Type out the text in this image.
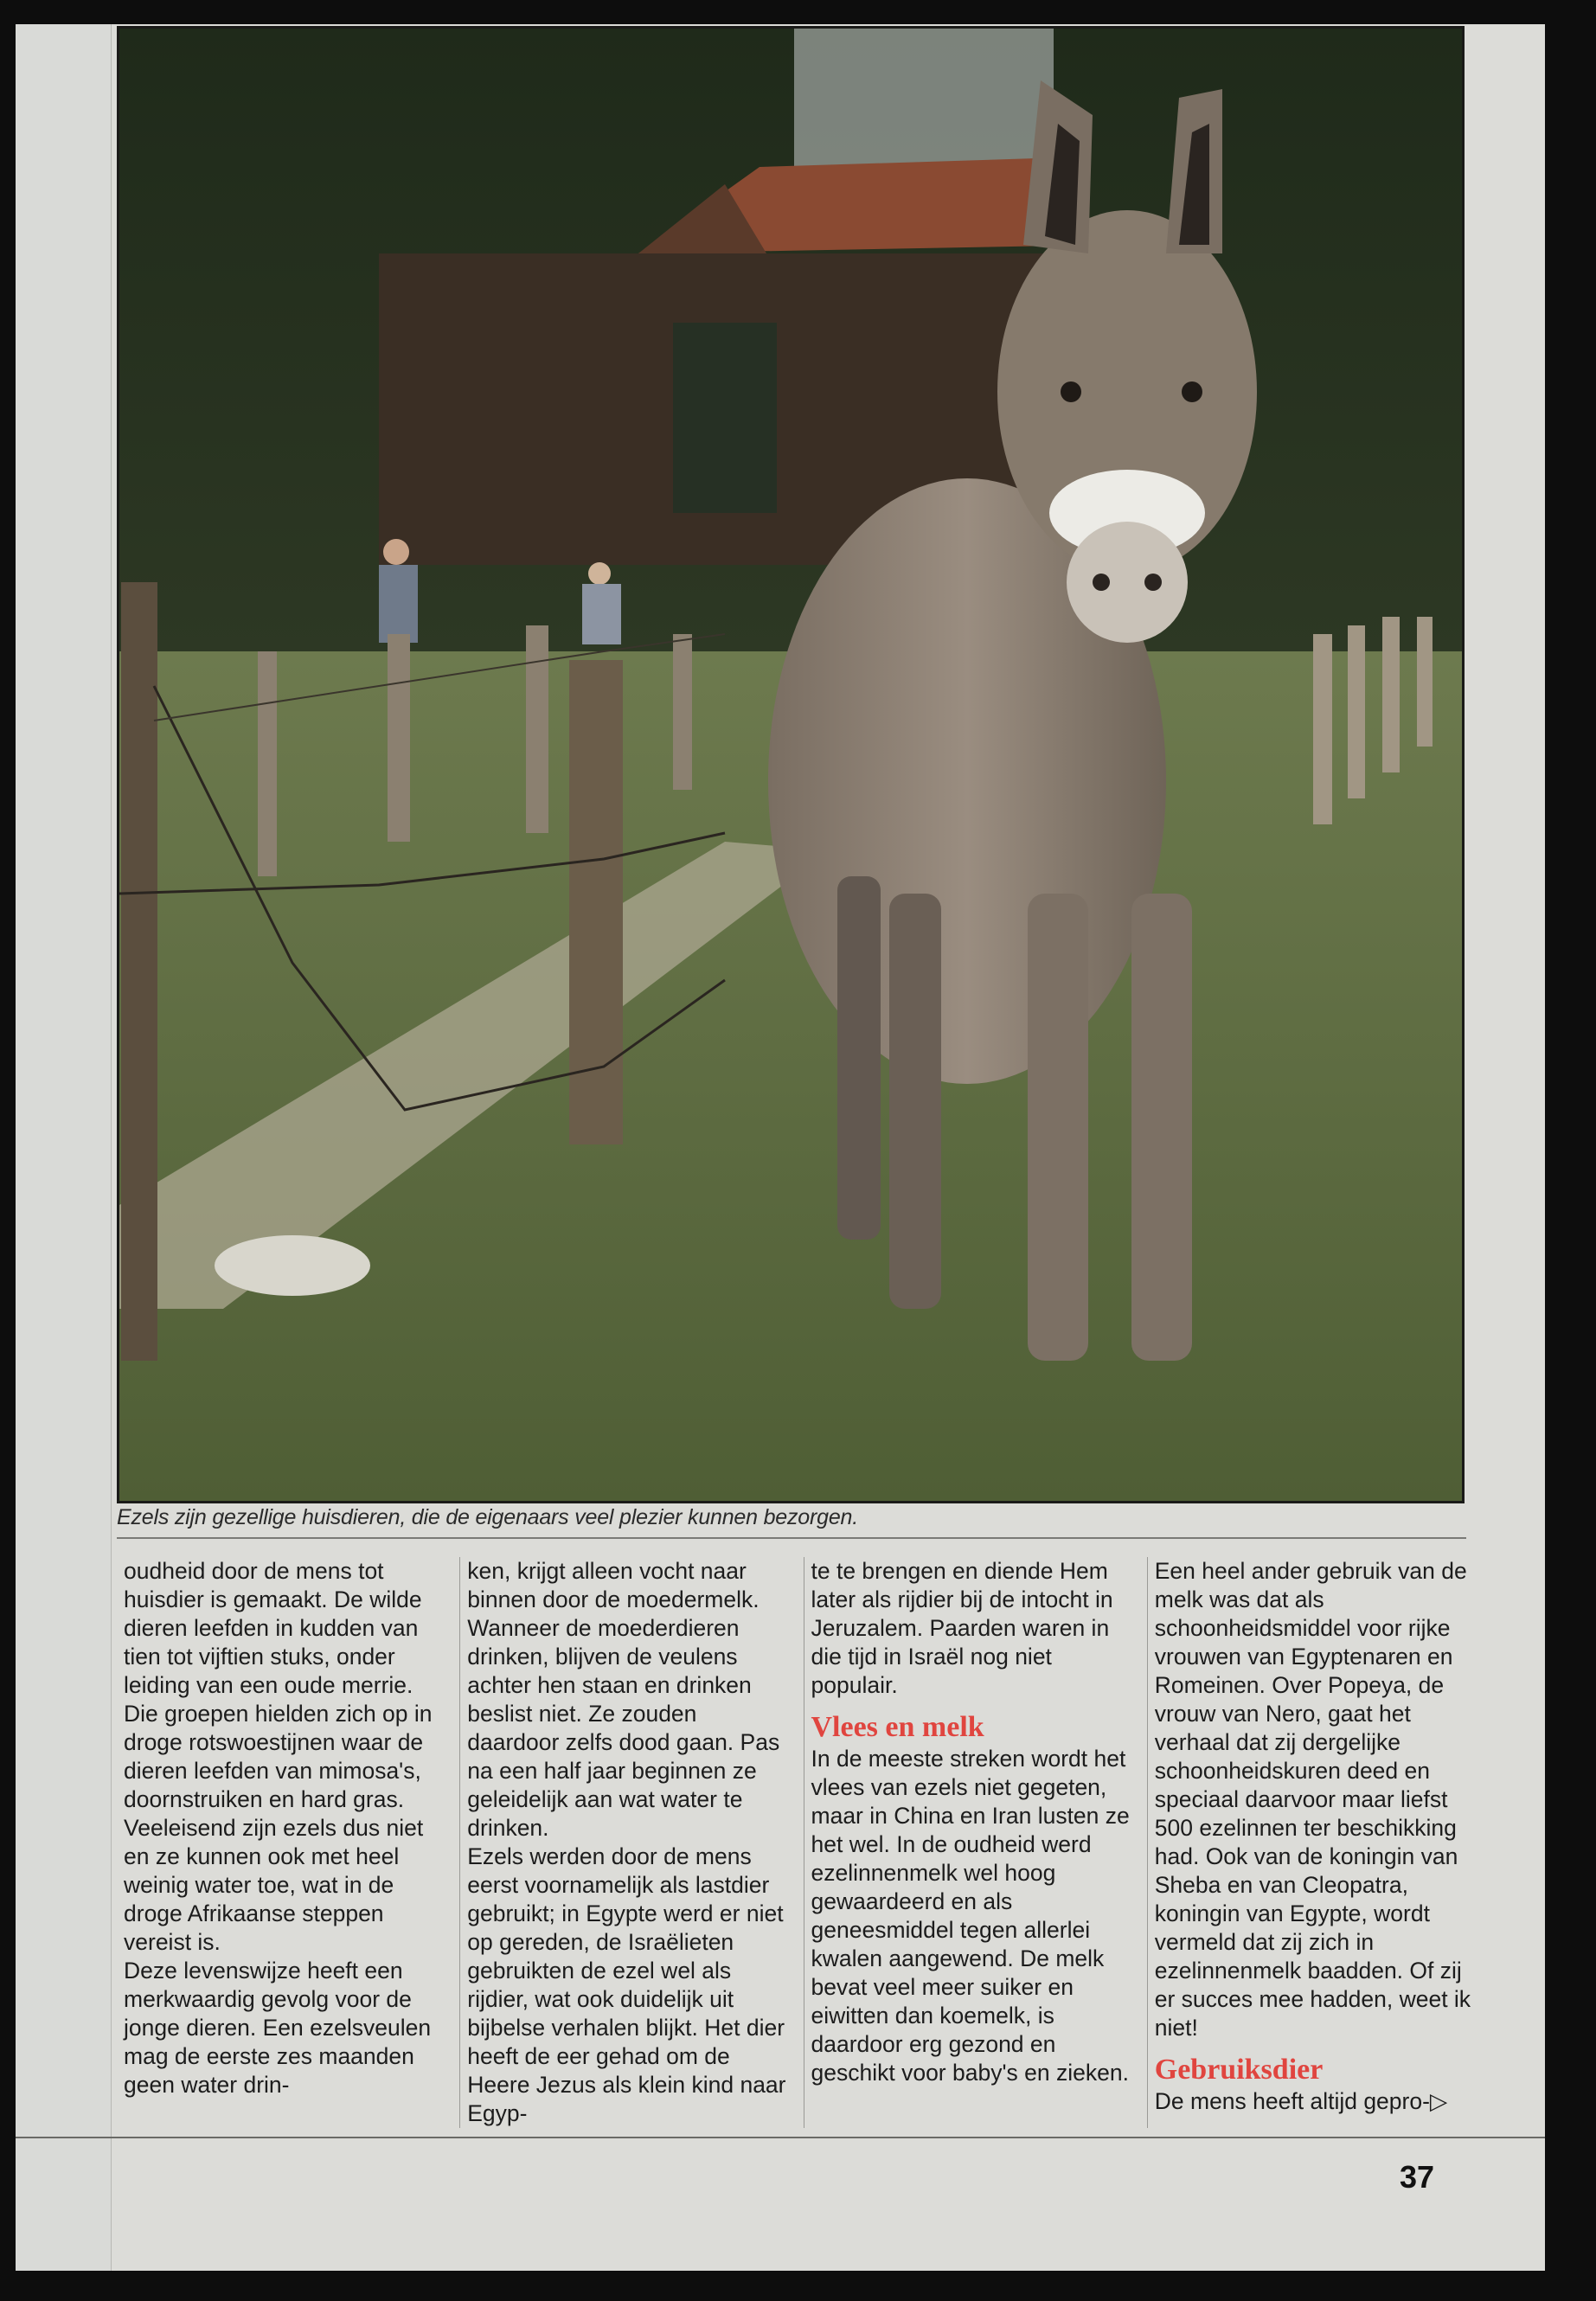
Ezels zijn gezellige huisdieren, die de eigenaars veel plezier kunnen bezorgen.

oudheid door de mens tot huisdier is gemaakt. De wilde dieren leefden in kudden van tien tot vijftien stuks, onder leiding van een oude merrie. Die groepen hielden zich op in droge rotswoestijnen waar de dieren leefden van mimosa's, doornstruiken en hard gras. Veeleisend zijn ezels dus niet en ze kunnen ook met heel weinig water toe, wat in de droge Afrikaanse steppen vereist is.

Deze levenswijze heeft een merkwaardig gevolg voor de jonge dieren. Een ezelsveulen mag de eerste zes maanden geen water drin-

ken, krijgt alleen vocht naar binnen door de moedermelk. Wanneer de moederdieren drinken, blijven de veulens achter hen staan en drinken beslist niet. Ze zouden daardoor zelfs dood gaan. Pas na een half jaar beginnen ze geleidelijk aan wat water te drinken.

Ezels werden door de mens eerst voornamelijk als lastdier gebruikt; in Egypte werd er niet op gereden, de Israëlieten gebruikten de ezel wel als rijdier, wat ook duidelijk uit bijbelse verhalen blijkt. Het dier heeft de eer gehad om de Heere Jezus als klein kind naar Egyp-

te te brengen en diende Hem later als rijdier bij de intocht in Jeruzalem. Paarden waren in die tijd in Israël nog niet populair.

Vlees en melk

In de meeste streken wordt het vlees van ezels niet gegeten, maar in China en Iran lusten ze het wel. In de oudheid werd ezelinnenmelk wel hoog gewaardeerd en als geneesmiddel tegen allerlei kwalen aangewend. De melk bevat veel meer suiker en eiwitten dan koemelk, is daardoor erg gezond en geschikt voor baby's en zieken.

Een heel ander gebruik van de melk was dat als schoonheidsmiddel voor rijke vrouwen van Egyptenaren en Romeinen. Over Popeya, de vrouw van Nero, gaat het verhaal dat zij dergelijke schoonheidskuren deed en speciaal daarvoor maar liefst 500 ezelinnen ter beschikking had. Ook van de koningin van Sheba en van Cleopatra, koningin van Egypte, wordt vermeld dat zij zich in ezelinnenmelk baadden. Of zij er succes mee hadden, weet ik niet!

Gebruiksdier

De mens heeft altijd gepro-▷

37
